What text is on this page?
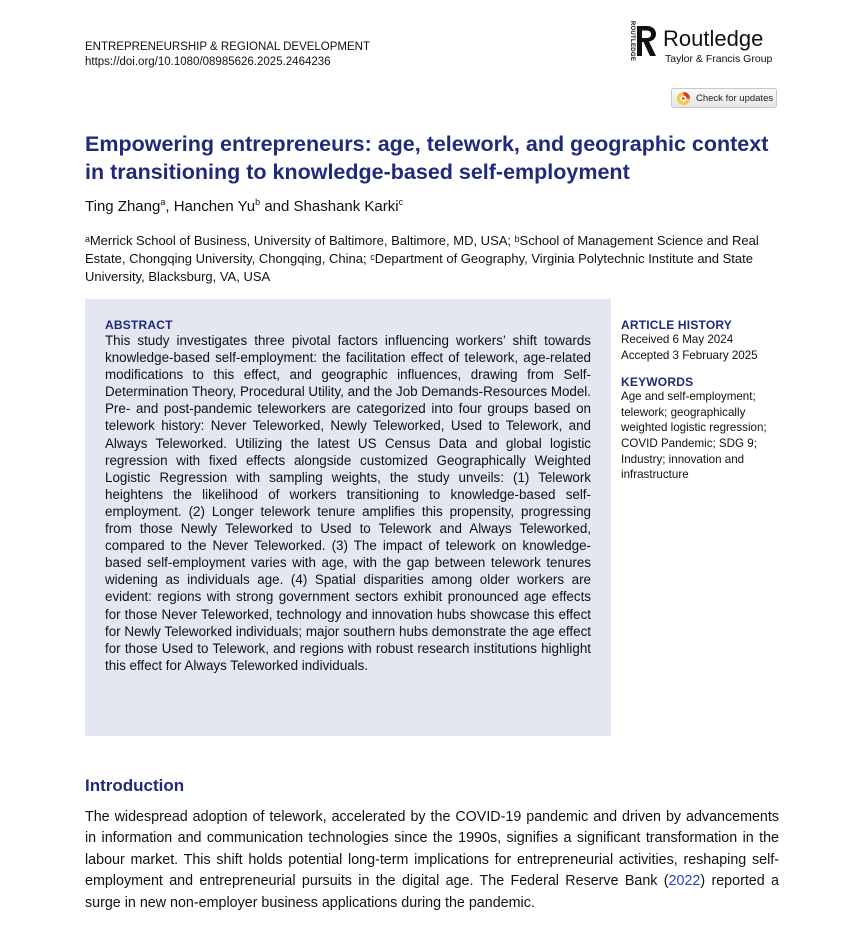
ENTREPRENEURSHIP & REGIONAL DEVELOPMENT
https://doi.org/10.1080/08985626.2025.2464236
ROUTLEDGE Routledge
Taylor & Francis Group
Check for updates
Empowering entrepreneurs: age, telework, and geographic context in transitioning to knowledge-based self-employment
Ting Zhang$^a$, Hanchen Yu$^b$ and Shashank Karki$^c$
ᵃMerrick School of Business, University of Baltimore, Baltimore, MD, USA; ᵇSchool of Management Science and Real Estate, Chongqing University, Chongqing, China; ᶜDepartment of Geography, Virginia Polytechnic Institute and State University, Blacksburg, VA, USA
ABSTRACT
This study investigates three pivotal factors influencing workers’ shift towards knowledge-based self-employment: the facilitation effect of telework, age-related modifications to this effect, and geographic influences, drawing from Self-Determination Theory, Procedural Utility, and the Job Demands-Resources Model. Pre- and post-pandemic teleworkers are categorized into four groups based on telework history: Never Teleworked, Newly Teleworked, Used to Telework, and Always Teleworked. Utilizing the latest US Census Data and global logistic regression with fixed effects alongside customized Geographically Weighted Logistic Regression with sampling weights, the study unveils: (1) Telework heightens the likelihood of workers transitioning to knowledge-based self-employment. (2) Longer telework tenure amplifies this propensity, progressing from those Newly Teleworked to Used to Telework and Always Teleworked, compared to the Never Teleworked. (3) The impact of telework on knowledge-based self-employment varies with age, with the gap between telework tenures widening as individuals age. (4) Spatial disparities among older workers are evident: regions with strong government sectors exhibit pronounced age effects for those Never Teleworked, technology and innovation hubs showcase this effect for Newly Teleworked individuals; major southern hubs demonstrate the age effect for those Used to Telework, and regions with robust research institutions highlight this effect for Always Teleworked individuals.
ARTICLE HISTORY
Received 6 May 2024
Accepted 3 February 2025
KEYWORDS
Age and self-employment; telework; geographically weighted logistic regression; COVID Pandemic; SDG 9; Industry; innovation and infrastructure
Introduction
The widespread adoption of telework, accelerated by the COVID-19 pandemic and driven by advancements in information and communication technologies since the 1990s, signifies a significant transformation in the labour market. This shift holds potential long-term implications for entrepreneurial activities, reshaping self-employment and entrepreneurial pursuits in the digital age. The Federal Reserve Bank (2022) reported a surge in new non-employer business applications during the pandemic.
